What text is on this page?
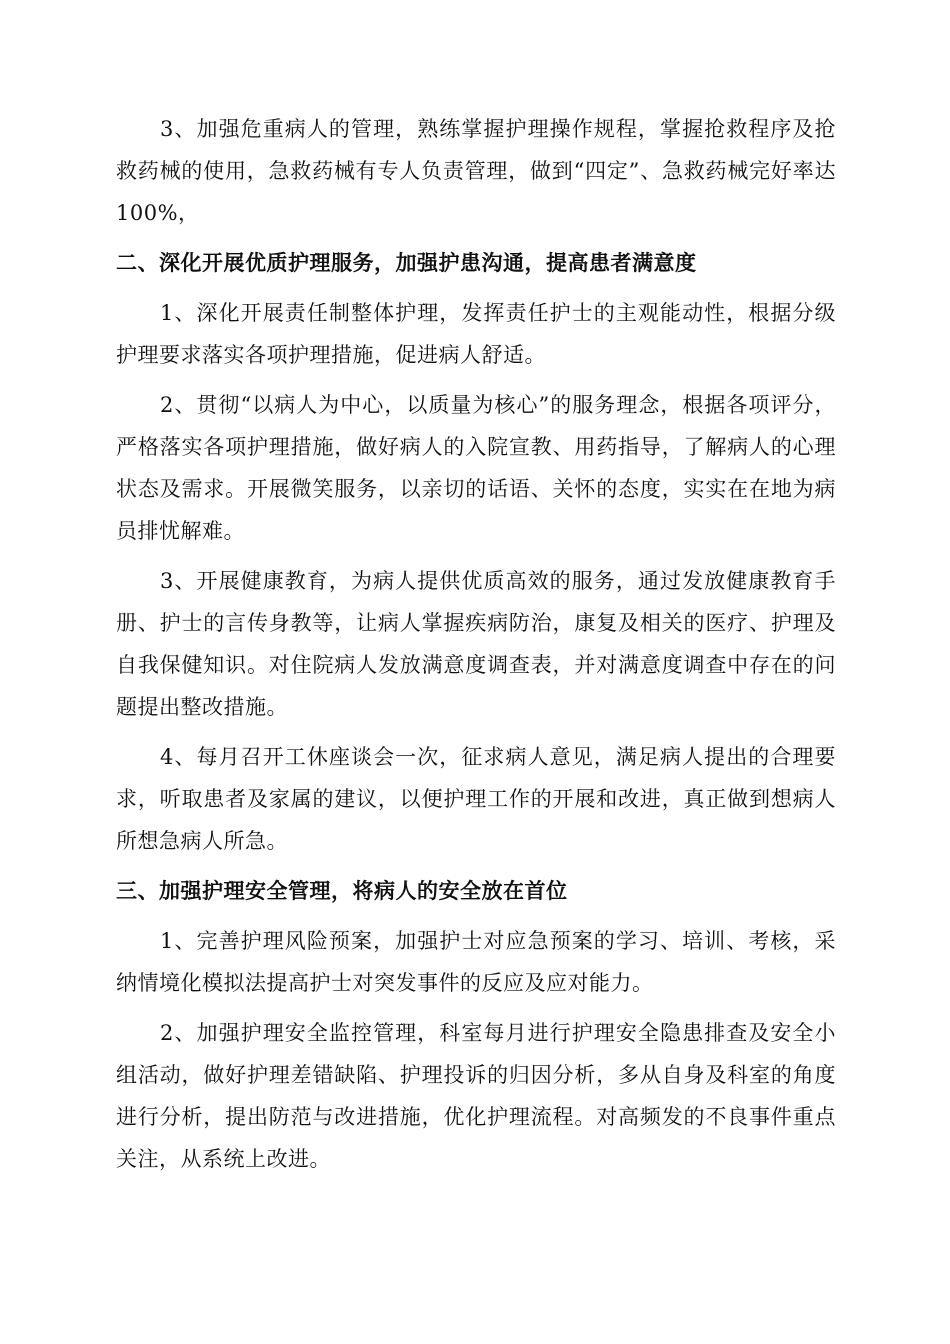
3、加强危重病人的管理，熟练掌握护理操作规程，掌握抢救程序及抢救药械的使用，急救药械有专人负责管理，做到“四定”、急救药械完好率达100%，

二、深化开展优质护理服务，加强护患沟通，提高患者满意度

1、深化开展责任制整体护理，发挥责任护士的主观能动性，根据分级护理要求落实各项护理措施，促进病人舒适。

2、贯彻“以病人为中心，以质量为核心”的服务理念，根据各项评分，严格落实各项护理措施，做好病人的入院宣教、用药指导，了解病人的心理状态及需求。开展微笑服务，以亲切的话语、关怀的态度，实实在在地为病员排忧解难。

3、开展健康教育，为病人提供优质高效的服务，通过发放健康教育手册、护士的言传身教等，让病人掌握疾病防治，康复及相关的医疗、护理及自我保健知识。对住院病人发放满意度调查表，并对满意度调查中存在的问题提出整改措施。

4、每月召开工休座谈会一次，征求病人意见，满足病人提出的合理要求，听取患者及家属的建议，以便护理工作的开展和改进，真正做到想病人所想急病人所急。

三、加强护理安全管理，将病人的安全放在首位

1、完善护理风险预案，加强护士对应急预案的学习、培训、考核，采纳情境化模拟法提高护士对突发事件的反应及应对能力。

2、加强护理安全监控管理，科室每月进行护理安全隐患排查及安全小组活动，做好护理差错缺陷、护理投诉的归因分析，多从自身及科室的角度进行分析，提出防范与改进措施，优化护理流程。对高频发的不良事件重点关注，从系统上改进。
